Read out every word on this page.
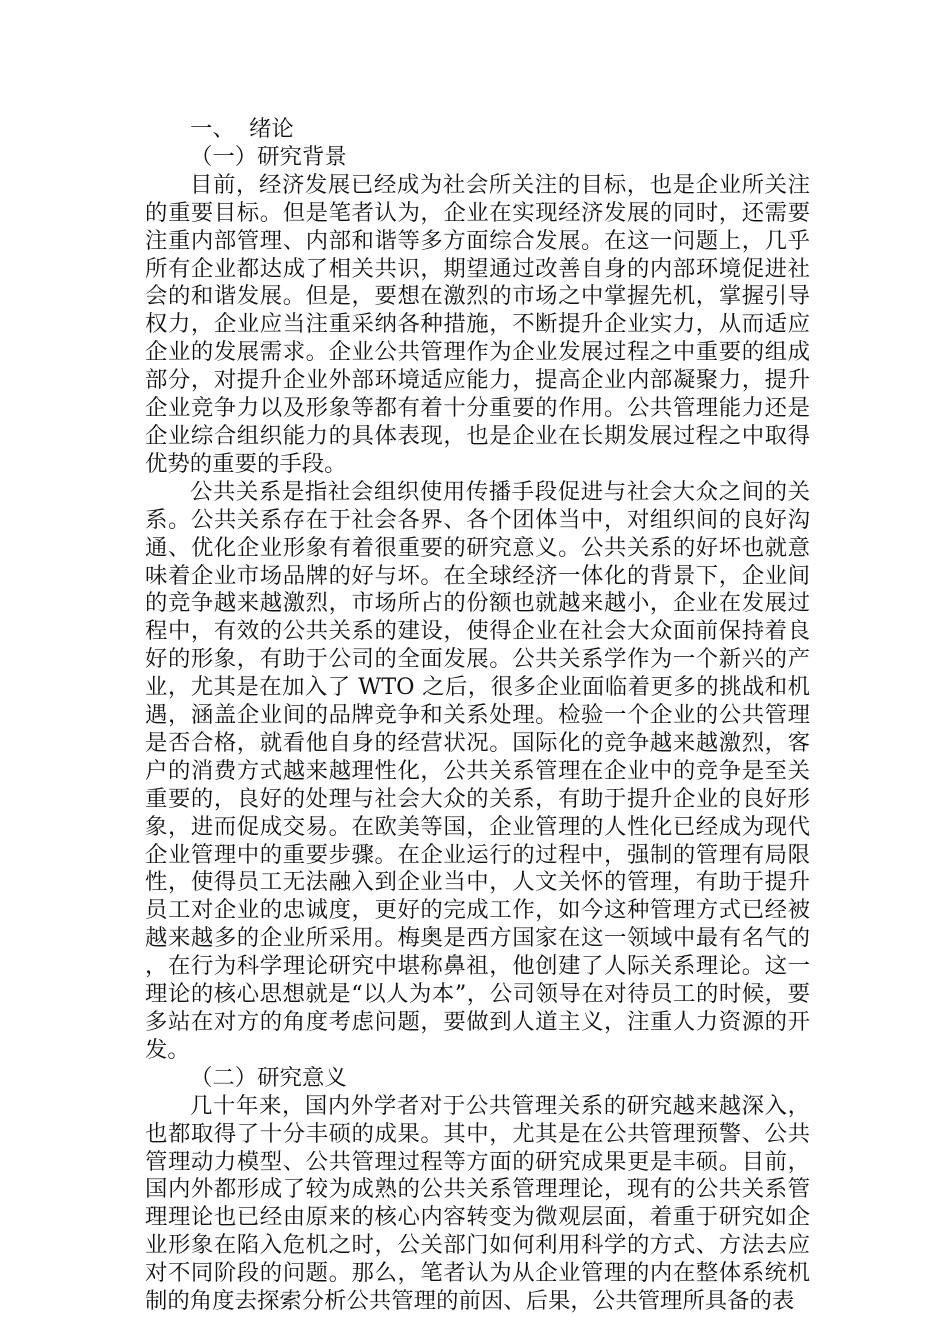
一、  绪论
（一）研究背景

目前，经济发展已经成为社会所关注的目标，也是企业所关注的重要目标。但是笔者认为，企业在实现经济发展的同时，还需要注重内部管理、内部和谐等多方面综合发展。在这一问题上，几乎所有企业都达成了相关共识，期望通过改善自身的内部环境促进社会的和谐发展。但是，要想在激烈的市场之中掌握先机，掌握引导权力，企业应当注重采纳各种措施，不断提升企业实力，从而适应企业的发展需求。企业公共管理作为企业发展过程之中重要的组成部分，对提升企业外部环境适应能力，提高企业内部凝聚力，提升企业竞争力以及形象等都有着十分重要的作用。公共管理能力还是企业综合组织能力的具体表现，也是企业在长期发展过程之中取得优势的重要的手段。

公共关系是指社会组织使用传播手段促进与社会大众之间的关系。公共关系存在于社会各界、各个团体当中，对组织间的良好沟通、优化企业形象有着很重要的研究意义。公共关系的好坏也就意味着企业市场品牌的好与坏。在全球经济一体化的背景下，企业间的竞争越来越激烈，市场所占的份额也就越来越小，企业在发展过程中，有效的公共关系的建设，使得企业在社会大众面前保持着良好的形象，有助于公司的全面发展。公共关系学作为一个新兴的产业，尤其是在加入了 WTO 之后，很多企业面临着更多的挑战和机遇，涵盖企业间的品牌竞争和关系处理。检验一个企业的公共管理是否合格，就看他自身的经营状况。国际化的竞争越来越激烈，客户的消费方式越来越理性化，公共关系管理在企业中的竞争是至关重要的，良好的处理与社会大众的关系，有助于提升企业的良好形象，进而促成交易。在欧美等国，企业管理的人性化已经成为现代企业管理中的重要步骤。在企业运行的过程中，强制的管理有局限性，使得员工无法融入到企业当中，人文关怀的管理，有助于提升员工对企业的忠诚度，更好的完成工作，如今这种管理方式已经被越来越多的企业所采用。梅奥是西方国家在这一领域中最有名气的，在行为科学理论研究中堪称鼻祖，他创建了人际关系理论。这一理论的核心思想就是“以人为本”，公司领导在对待员工的时候，要多站在对方的角度考虑问题，要做到人道主义，注重人力资源的开发。

（二）研究意义

几十年来，国内外学者对于公共管理关系的研究越来越深入，也都取得了十分丰硕的成果。其中，尤其是在公共管理预警、公共管理动力模型、公共管理过程等方面的研究成果更是丰硕。目前，国内外都形成了较为成熟的公共关系管理理论，现有的公共关系管理理论也已经由原来的核心内容转变为微观层面，着重于研究如企业形象在陷入危机之时，公关部门如何利用科学的方式、方法去应对不同阶段的问题。那么，笔者认为从企业管理的内在整体系统机制的角度去探索分析公共管理的前因、后果，公共管理所具备的表
